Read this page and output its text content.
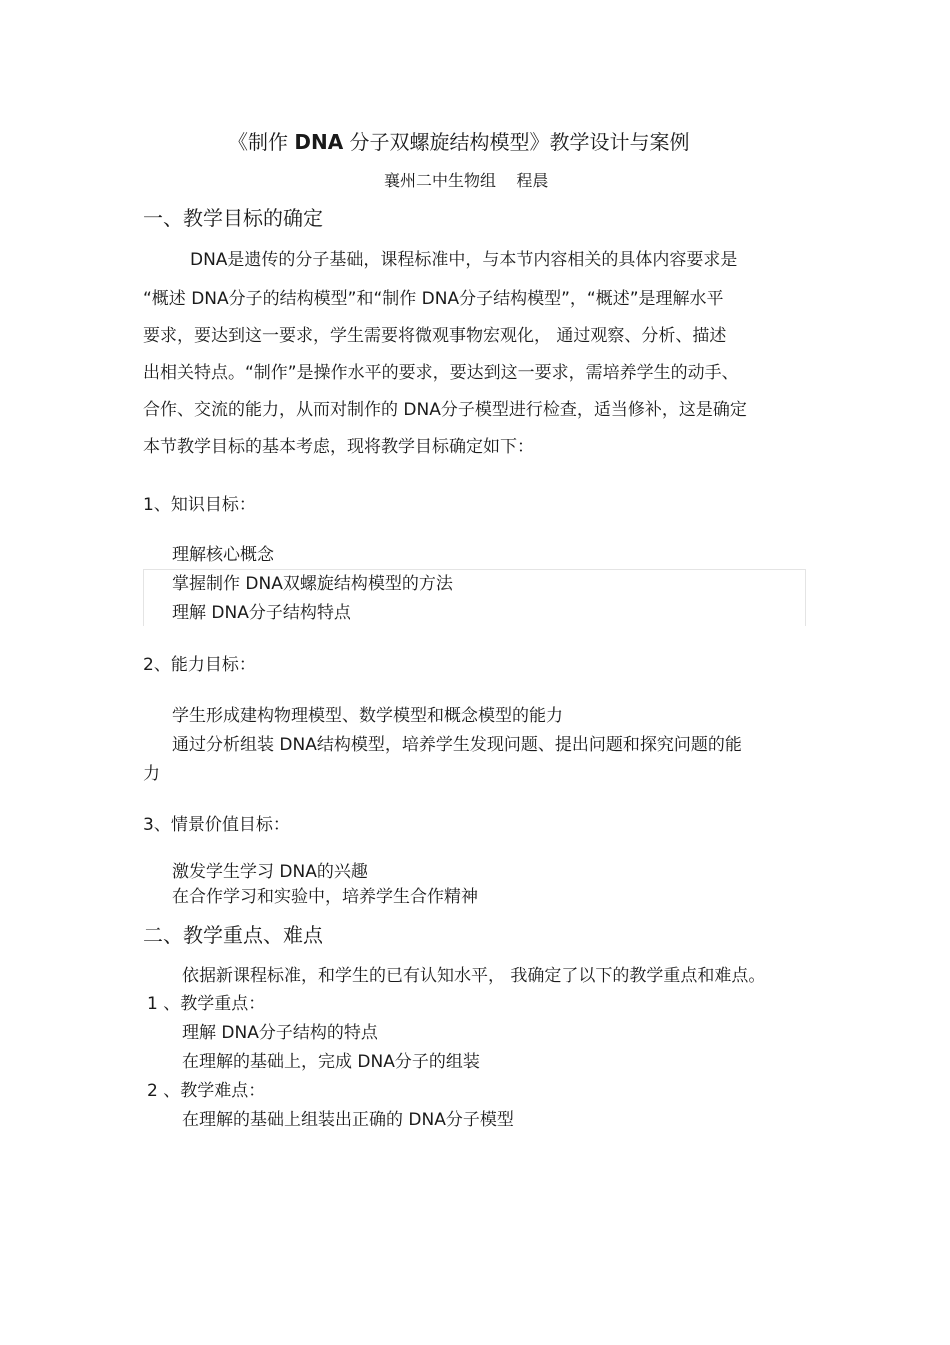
《制作 DNA 分子双螺旋结构模型》教学设计与案例
襄州二中生物组 程晨
一、教学目标的确定
DNA是遗传的分子基础，课程标准中，与本节内容相关的具体内容要求是
“概述 DNA分子的结构模型”和“制作 DNA分子结构模型”，“概述”是理解水平
要求，要达到这一要求，学生需要将微观事物宏观化， 通过观察、分析、描述
出相关特点。“制作”是操作水平的要求，要达到这一要求，需培养学生的动手、
合作、交流的能力，从而对制作的 DNA分子模型进行检查，适当修补，这是确定
本节教学目标的基本考虑，现将教学目标确定如下：
1、知识目标：
理解核心概念
掌握制作 DNA双螺旋结构模型的方法
理解 DNA分子结构特点
2、能力目标：
学生形成建构物理模型、数学模型和概念模型的能力
通过分析组装 DNA结构模型，培养学生发现问题、提出问题和探究问题的能
力
3、情景价值目标：
激发学生学习 DNA的兴趣
在合作学习和实验中，培养学生合作精神
二、教学重点、难点
依据新课程标准，和学生的已有认知水平， 我确定了以下的教学重点和难点。
1 、教学重点：
理解 DNA分子结构的特点
在理解的基础上，完成 DNA分子的组装
2 、教学难点：
在理解的基础上组装出正确的 DNA分子模型
